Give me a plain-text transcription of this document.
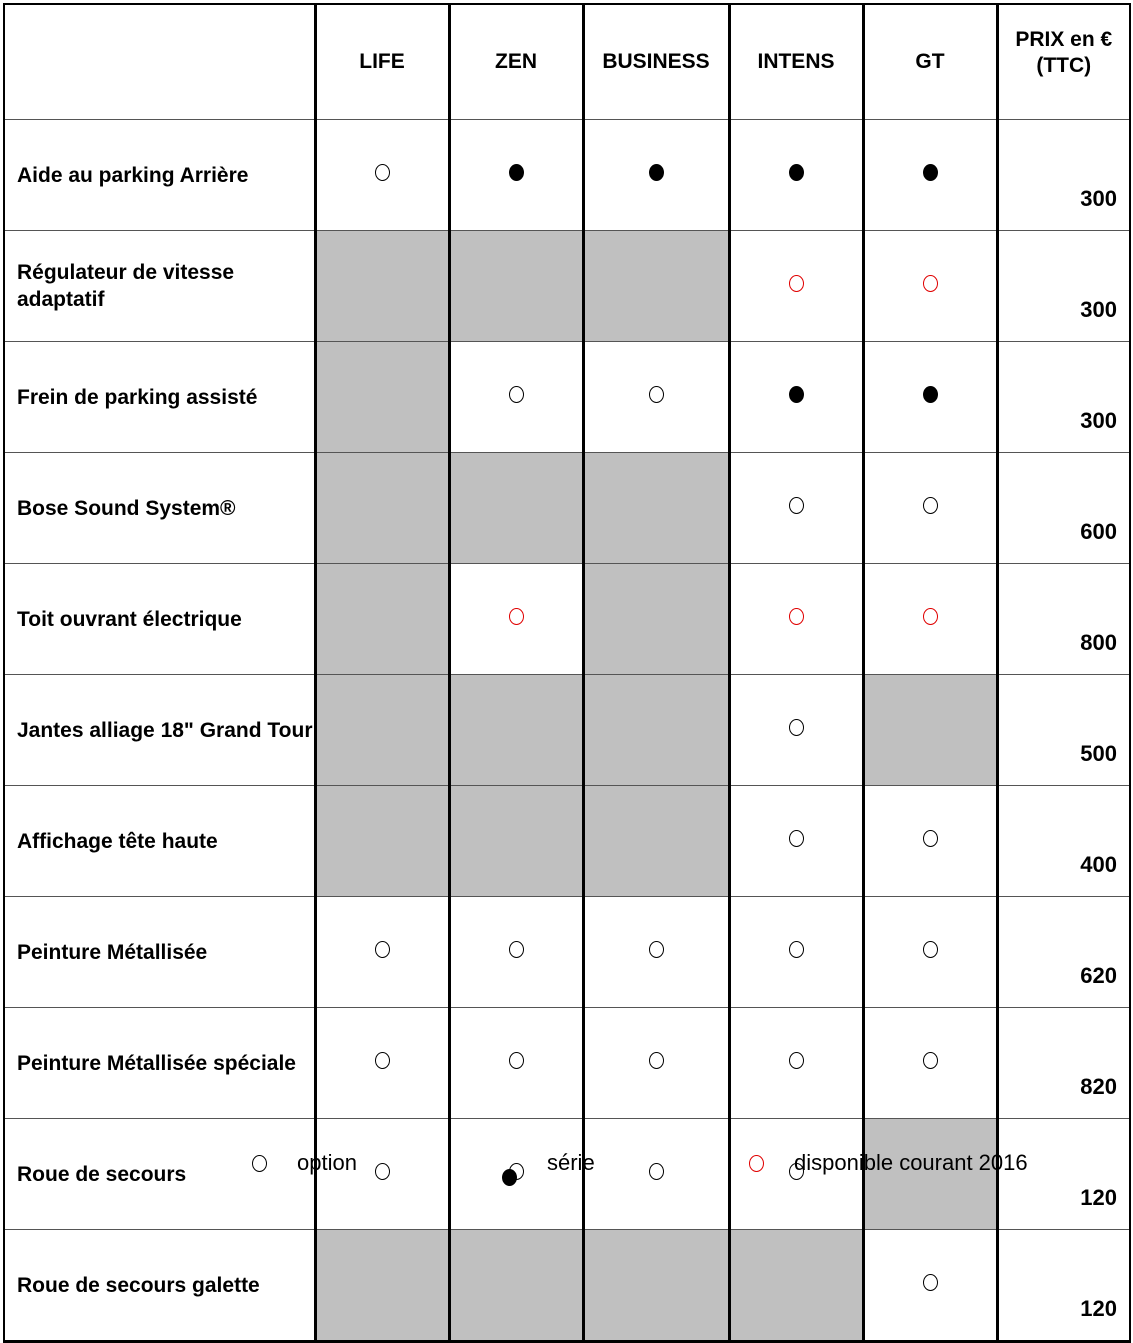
	LIFE	ZEN	BUSINESS	INTENS	GT	PRIX en € (TTC)
Aide au parking Arrière						300
Régulateur de vitesse adaptatif						300
Frein de parking assisté						300
Bose Sound System®						600
Toit ouvrant électrique						800
Jantes alliage 18" Grand Tour						500
Affichage tête haute						400
Peinture Métallisée						620
Peinture Métallisée spéciale						820
Roue de secours						120
Roue de secours galette						120
option	série	disponible courant 2016
